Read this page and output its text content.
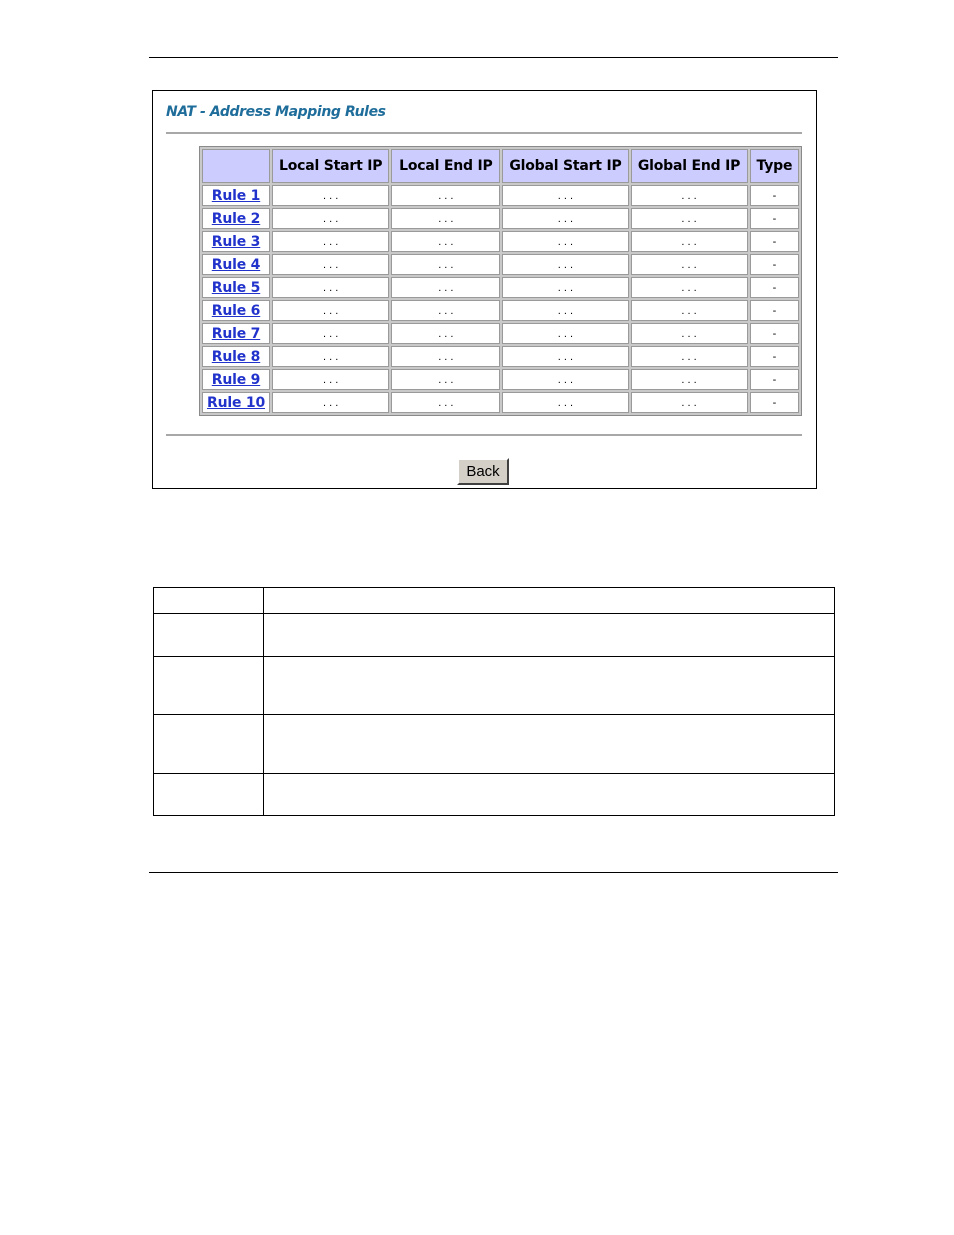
NAT - Address Mapping Rules
	Local Start IP	Local End IP	Global Start IP	Global End IP	Type
Rule 1	. . .	. . .	. . .	. . .	-
Rule 2	. . .	. . .	. . .	. . .	-
Rule 3	. . .	. . .	. . .	. . .	-
Rule 4	. . .	. . .	. . .	. . .	-
Rule 5	. . .	. . .	. . .	. . .	-
Rule 6	. . .	. . .	. . .	. . .	-
Rule 7	. . .	. . .	. . .	. . .	-
Rule 8	. . .	. . .	. . .	. . .	-
Rule 9	. . .	. . .	. . .	. . .	-
Rule 10	. . .	. . .	. . .	. . .	-
Back
